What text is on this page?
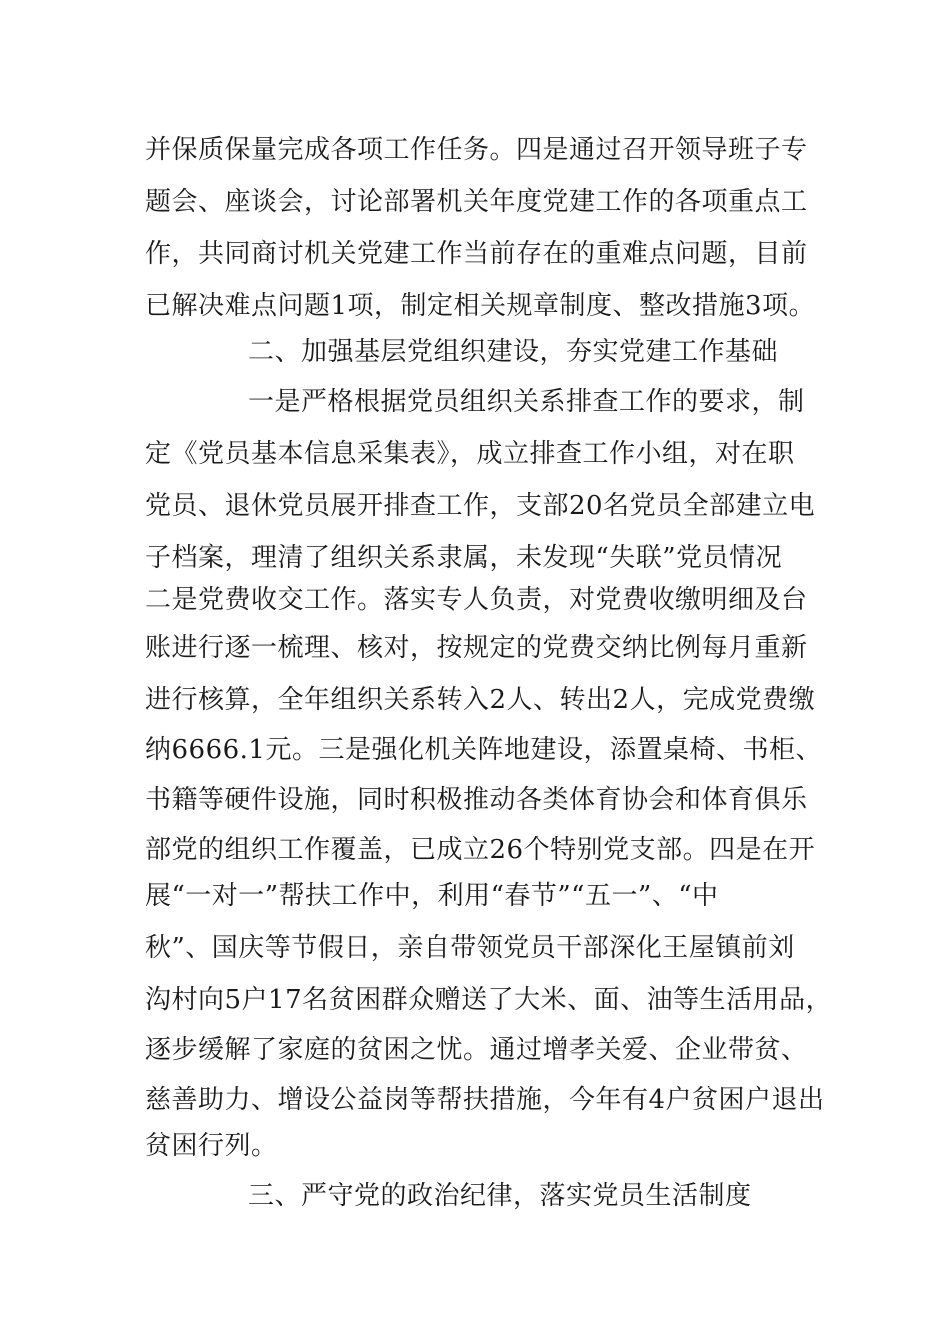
并保质保量完成各项工作任务。四是通过召开领导班子专
题会、座谈会，讨论部署机关年度党建工作的各项重点工
作，共同商讨机关党建工作当前存在的重难点问题，目前
已解决难点问题1项，制定相关规章制度、整改措施3项。
二、加强基层党组织建设，夯实党建工作基础
一是严格根据党员组织关系排查工作的要求，制
定《党员基本信息采集表》，成立排查工作小组，对在职
党员、退休党员展开排查工作，支部20名党员全部建立电
子档案，理清了组织关系隶属，未发现“失联”党员情况
二是党费收交工作。落实专人负责，对党费收缴明细及台
账进行逐一梳理、核对，按规定的党费交纳比例每月重新
进行核算，全年组织关系转入2人、转出2人，完成党费缴
纳6666.1元。三是强化机关阵地建设，添置桌椅、书柜、
书籍等硬件设施，同时积极推动各类体育协会和体育俱乐
部党的组织工作覆盖，已成立26个特别党支部。四是在开
展“一对一”帮扶工作中，利用“春节”“五一”、“中
秋”、国庆等节假日，亲自带领党员干部深化王屋镇前刘
沟村向5户17名贫困群众赠送了大米、面、油等生活用品，
逐步缓解了家庭的贫困之忧。通过增孝关爱、企业带贫、
慈善助力、增设公益岗等帮扶措施，今年有4户贫困户退出
贫困行列。
三、严守党的政治纪律，落实党员生活制度
